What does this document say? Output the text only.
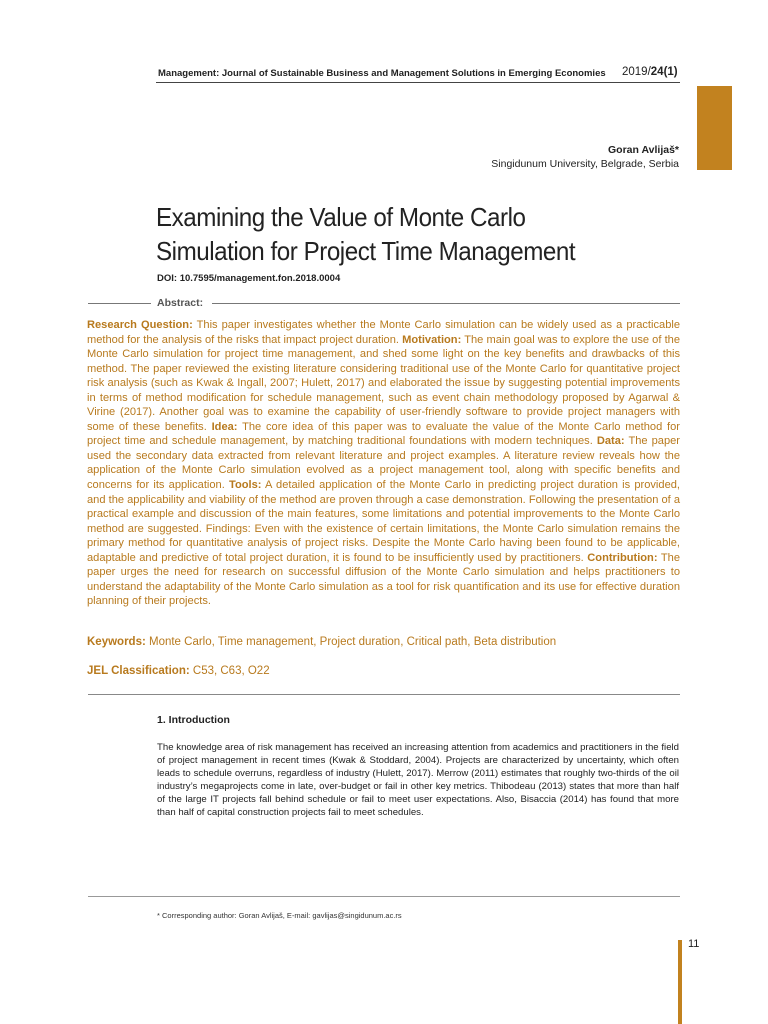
Management: Journal of Sustainable Business and Management Solutions in Emerging Economies 2019/24(1)
Goran Avlijaš*
Singidunum University, Belgrade, Serbia
Examining the Value of Monte Carlo Simulation for Project Time Management
DOI: 10.7595/management.fon.2018.0004
Abstract:
Research Question: This paper investigates whether the Monte Carlo simulation can be widely used as a practicable method for the analysis of the risks that impact project duration. Motivation: The main goal was to explore the use of the Monte Carlo simulation for project time management, and shed some light on the key benefits and drawbacks of this method. The paper reviewed the existing literature considering traditional use of the Monte Carlo for quantitative project risk analysis (such as Kwak & Ingall, 2007; Hulett, 2017) and elaborated the issue by suggesting potential improvements in terms of method modification for schedule management, such as event chain methodology proposed by Agarwal & Virine (2017). Another goal was to examine the capability of user-friendly software to provide project managers with some of these benefits. Idea: The core idea of this paper was to evaluate the value of the Monte Carlo method for project time and schedule management, by matching traditional foundations with modern techniques. Data: The paper used the secondary data extracted from relevant literature and project examples. A literature review reveals how the application of the Monte Carlo simulation evolved as a project management tool, along with specific benefits and concerns for its application. Tools: A detailed application of the Monte Carlo in predicting project duration is provided, and the applicability and viability of the method are proven through a case demonstration. Following the presentation of a practical example and discussion of the main features, some limitations and potential improvements to the Monte Carlo method are suggested. Findings: Even with the existence of certain limitations, the Monte Carlo simulation remains the primary method for quantitative analysis of project risks. Despite the Monte Carlo having been found to be applicable, adaptable and predictive of total project duration, it is found to be insufficiently used by practitioners. Contribution: The paper urges the need for research on successful diffusion of the Monte Carlo simulation and helps practitioners to understand the adaptability of the Monte Carlo simulation as a tool for risk quantification and its use for effective duration planning of their projects.
Keywords: Monte Carlo, Time management, Project duration, Critical path, Beta distribution
JEL Classification: C53, C63, O22
1. Introduction
The knowledge area of risk management has received an increasing attention from academics and practitioners in the field of project management in recent times (Kwak & Stoddard, 2004). Projects are characterized by uncertainty, which often leads to schedule overruns, regardless of industry (Hulett, 2017). Merrow (2011) estimates that roughly two-thirds of the oil industry’s megaprojects come in late, over-budget or fail in other key metrics. Thibodeau (2013) states that more than half of the large IT projects fall behind schedule or fail to meet user expectations. Also, Bisaccia (2014) has found that more than half of capital construction projects fail to meet schedules.
* Corresponding author: Goran Avlijaš, E-mail: gavlijas@singidunum.ac.rs
11
